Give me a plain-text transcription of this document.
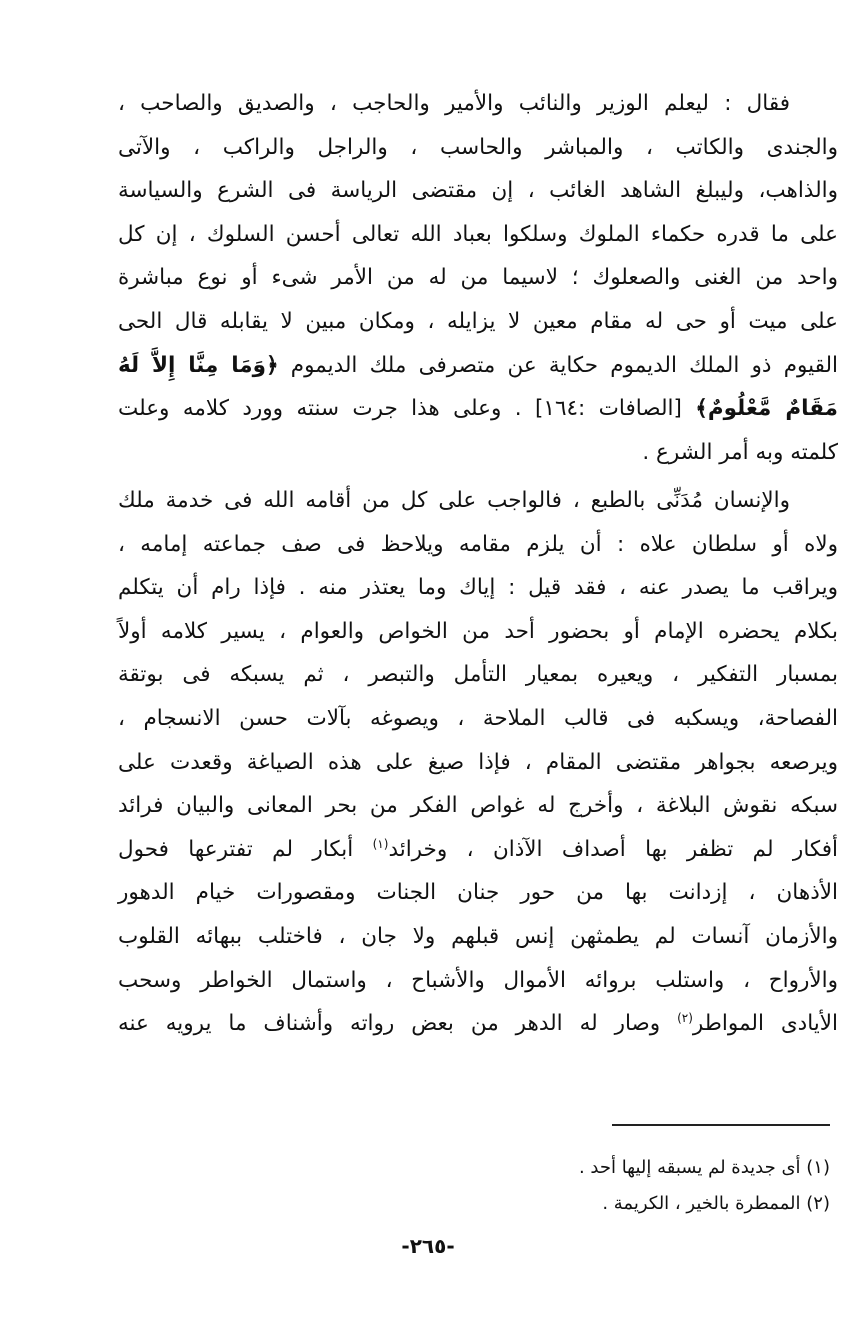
فقال : ليعلم الوزير والنائب والأمير والحاجب ، والصديق والصاحب ،
والجندى والكاتب ، والمباشر والحاسب ، والراجل والراكب ، والآتى
والذاهب، وليبلغ الشاهد الغائب ، إن مقتضى الرياسة فى الشرع والسياسة
على ما قدره حكماء الملوك وسلكوا بعباد الله تعالى أحسن السلوك ، إن كل
واحد من الغنى والصعلوك ؛ لاسيما من له من الأمر شىء أو نوع مباشرة
على ميت أو حى له مقام معين لا يزايله ، ومكان مبين لا يقابله قال الحى
القيوم ذو الملك الديموم حكاية عن متصرفى ملك الديموم ﴿وَمَا مِنَّا إِلاَّ لَهُ
مَقَامٌ مَّعْلُومٌ﴾ [الصافات :١٦٤] . وعلى هذا جرت سنته وورد كلامه وعلت
كلمته وبه أمر الشرع .
والإنسان مُدَنِّى بالطبع ، فالواجب على كل من أقامه الله فى خدمة ملك
ولاه أو سلطان علاه : أن يلزم مقامه ويلاحظ فى صف جماعته إمامه ،
ويراقب ما يصدر عنه ، فقد قيل : إياك وما يعتذر منه . فإذا رام أن يتكلم
بكلام يحضره الإمام أو بحضور أحد من الخواص والعوام ، يسير كلامه أولاً
بمسبار التفكير ، ويعيره بمعيار التأمل والتبصر ، ثم يسبكه فى بوتقة
الفصاحة، ويسكبه فى قالب الملاحة ، ويصوغه بآلات حسن الانسجام ،
ويرصعه بجواهر مقتضى المقام ، فإذا صيغ على هذه الصياغة وقعدت على
سبكه نقوش البلاغة ، وأخرج له غواص الفكر من بحر المعانى والبيان فرائد
أفكار لم تظفر بها أصداف الآذان ، وخرائد$^{(١)}$ أبكار لم تفترعها فحول
الأذهان ، إزدانت بها من حور جنان الجنات ومقصورات خيام الدهور
والأزمان آنسات لم يطمثهن إنس قبلهم ولا جان ، فاختلب ببهائه القلوب
والأرواح ، واستلب بروائه الأموال والأشباح ، واستمال الخواطر وسحب
الأيادى المواطر$^{(٢)}$ وصار له الدهر من بعض رواته وأشناف ما يرويه عنه
(١) أى جديدة لم يسبقه إليها أحد .
(٢) الممطرة بالخير ، الكريمة .
-٢٦٥-
